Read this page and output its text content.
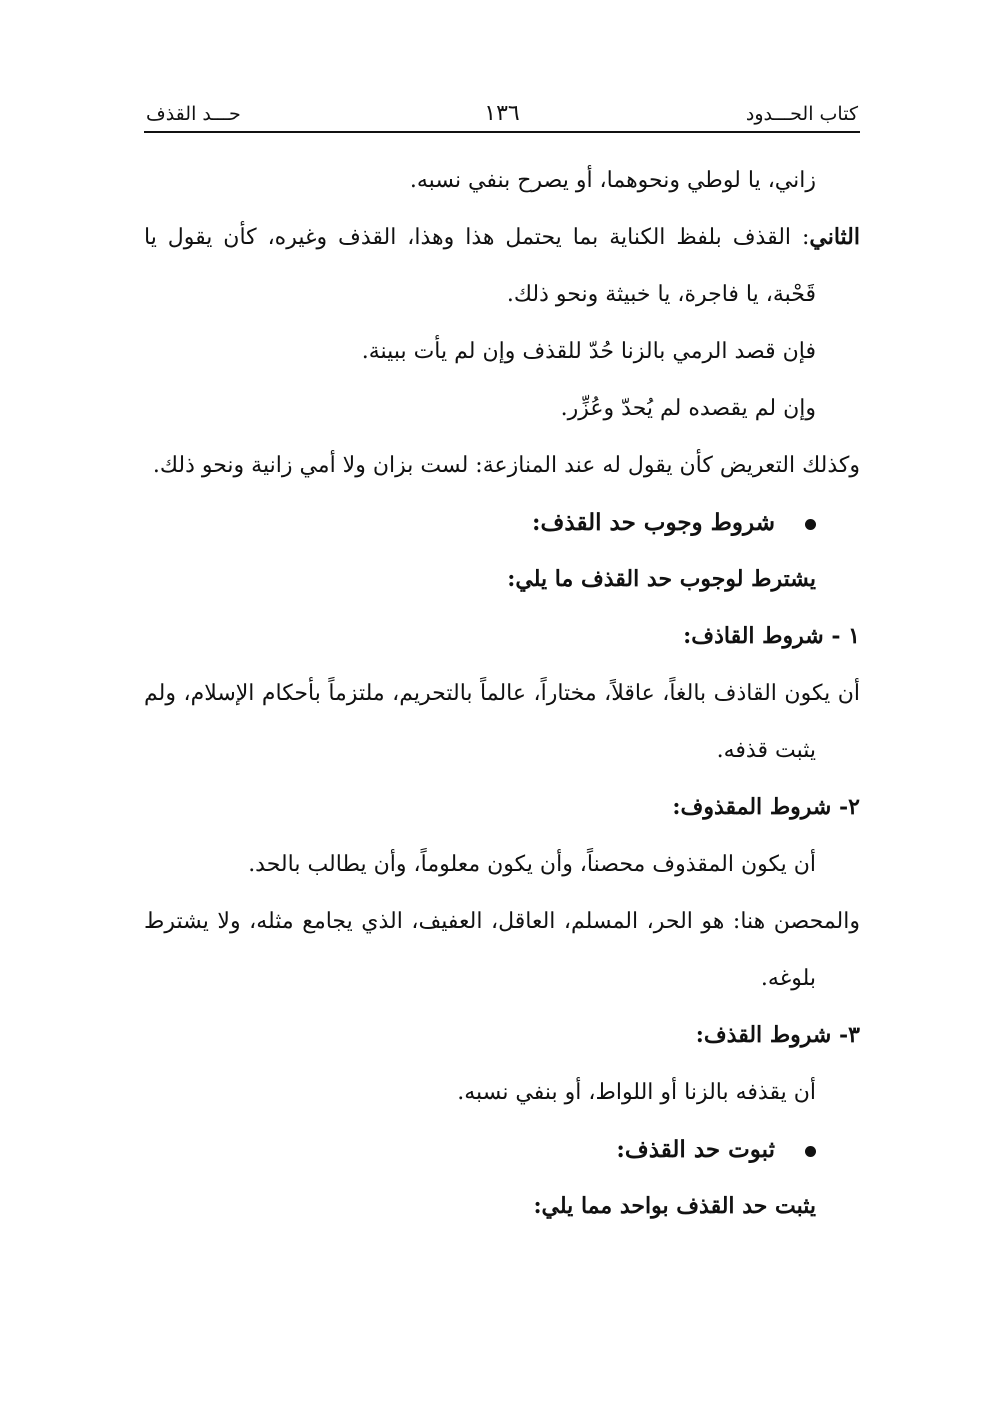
كتاب الحـــدود
١٣٦
حـــد القذف

زاني، يا لوطي ونحوهما، أو يصرح بنفي نسبه.

الثاني: القذف بلفظ الكناية بما يحتمل هذا وهذا، القذف وغيره، كأن يقول يا قَحْبة، يا فاجرة، يا خبيثة ونحو ذلك.

فإن قصد الرمي بالزنا حُدّ للقذف وإن لم يأت ببينة.

وإن لم يقصده لم يُحدّ وعُزِّر.

وكذلك التعريض كأن يقول له عند المنازعة: لست بزان ولا أمي زانية ونحو ذلك.

شروط وجوب حد القذف:

يشترط لوجوب حد القذف ما يلي:

١ - شروط القاذف:

أن يكون القاذف بالغاً، عاقلاً، مختاراً، عالماً بالتحريم، ملتزماً بأحكام الإسلام، ولم يثبت قذفه.

٢- شروط المقذوف:

أن يكون المقذوف محصناً، وأن يكون معلوماً، وأن يطالب بالحد.

والمحصن هنا: هو الحر، المسلم، العاقل، العفيف، الذي يجامع مثله، ولا يشترط بلوغه.

٣- شروط القذف:

أن يقذفه بالزنا أو اللواط، أو بنفي نسبه.

ثبوت حد القذف:

يثبت حد القذف بواحد مما يلي:
